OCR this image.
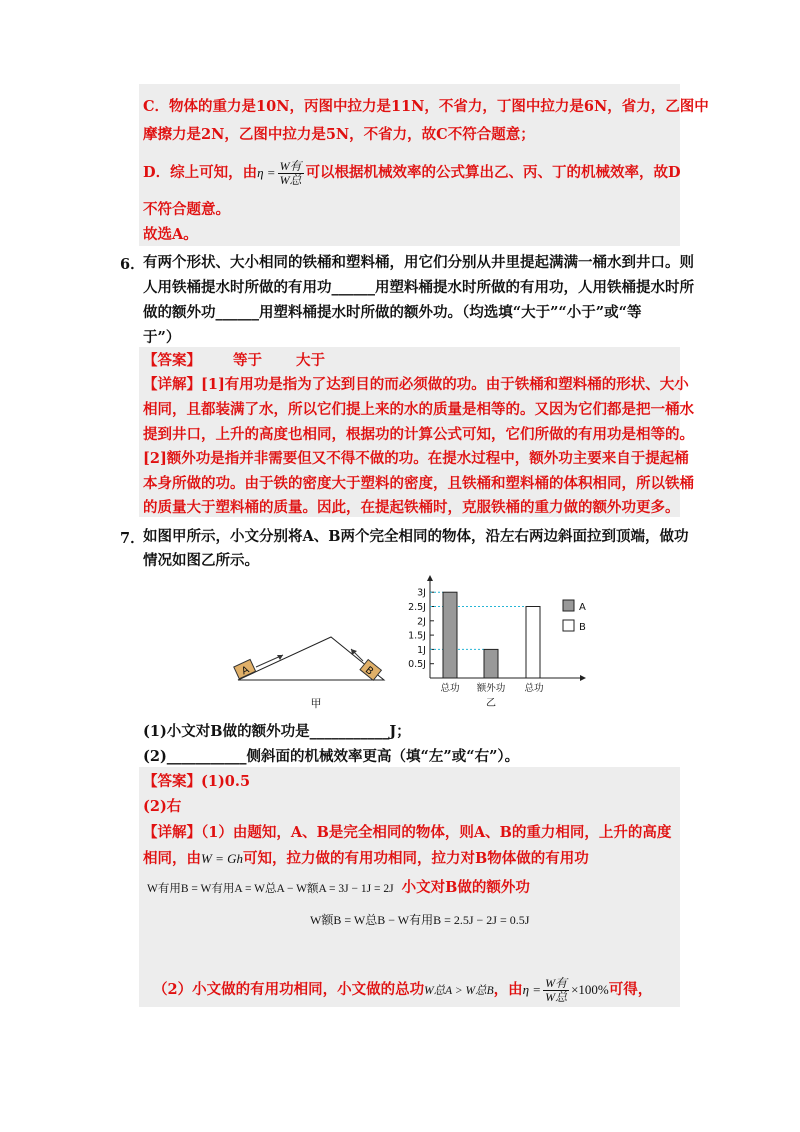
C．物体的重力是10N，丙图中拉力是11N，不省力，丁图中拉力是6N，省力，乙图中
摩擦力是2N，乙图中拉力是5N，不省力，故C不符合题意；
D．综上可知，由$\eta = \frac{\text{W有}}{\text{W总}}$ 可以根据机械效率的公式算出乙、丙、丁的机械效率，故D
不符合题意。
故选A。
6．
有两个形状、大小相同的铁桶和塑料桶，用它们分别从井里提起满满一桶水到井口。则
人用铁桶提水时所做的有用功______用塑料桶提水时所做的有用功，人用铁桶提水时所
做的额外功______用塑料桶提水时所做的额外功。（均选填“大于”“小于”或“等
于”）
【答案】 等于 大于
【详解】[1]有用功是指为了达到目的而必须做的功。由于铁桶和塑料桶的形状、大小
相同，且都装满了水，所以它们提上来的水的质量是相等的。又因为它们都是把一桶水
提到井口，上升的高度也相同，根据功的计算公式可知，它们所做的有用功是相等的。
[2]额外功是指并非需要但又不得不做的功。在提水过程中，额外功主要来自于提起桶
本身所做的功。由于铁的密度大于塑料的密度，且铁桶和塑料桶的体积相同，所以铁桶
的质量大于塑料桶的质量。因此，在提起铁桶时，克服铁桶的重力做的额外功更多。
7．
如图甲所示，小文分别将A、B两个完全相同的物体，沿左右两边斜面拉到顶端，做功
情况如图乙所示。
A	B
甲
0.5J
1J
1.5J
2J
2.5J
3J
总功 额外功 总功
乙
A
B
(1)小文对B做的额外功是___________J；
(2)___________侧斜面的机械效率更高（填“左”或“右”）。
【答案】(1)0.5
(2)右
【详解】（1）由题知，A、B是完全相同的物体，则A、B的重力相同，上升的高度
相同，由W = Gh可知，拉力做的有用功相同，拉力对B物体做的有用功
W有用B = W有用A = W总A − W额A = 3J − 1J = 2J 小文对B做的额外功
W额B = W总B − W有用B = 2.5J − 2J = 0.5J
（2）小文做的有用功相同，小文做的总功W总A > W总B，由$\eta = \frac{\text{W有}}{\text{W总}} \times 100\%$可得，
